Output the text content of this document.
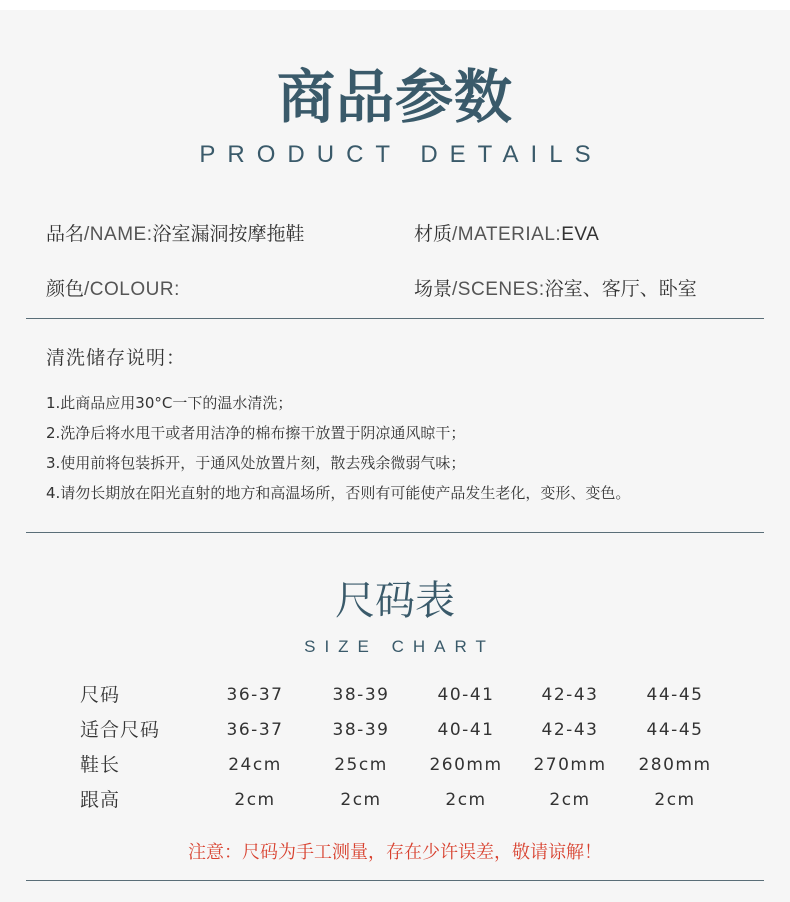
商品参数
PRODUCT DETAILS
品名/NAME:浴室漏洞按摩拖鞋	材质/MATERIAL:EVA
颜色/COLOUR:	场景/SCENES:浴室、客厅、卧室
清洗储存说明：
1.此商品应用30°C一下的温水清洗；
2.洗净后将水甩干或者用洁净的棉布擦干放置于阴凉通风晾干；
3.使用前将包装拆开，于通风处放置片刻，散去残余微弱气味；
4.请勿长期放在阳光直射的地方和高温场所，否则有可能使产品发生老化，变形、变色。
尺码表
SIZE CHART
尺码	36-37	38-39	40-41	42-43	44-45
适合尺码	36-37	38-39	40-41	42-43	44-45
鞋长	24cm	25cm	260mm 270mm 280mm
跟高	2cm	2cm	2cm	2cm	2cm
注意：尺码为手工测量，存在少许误差，敬请谅解！
